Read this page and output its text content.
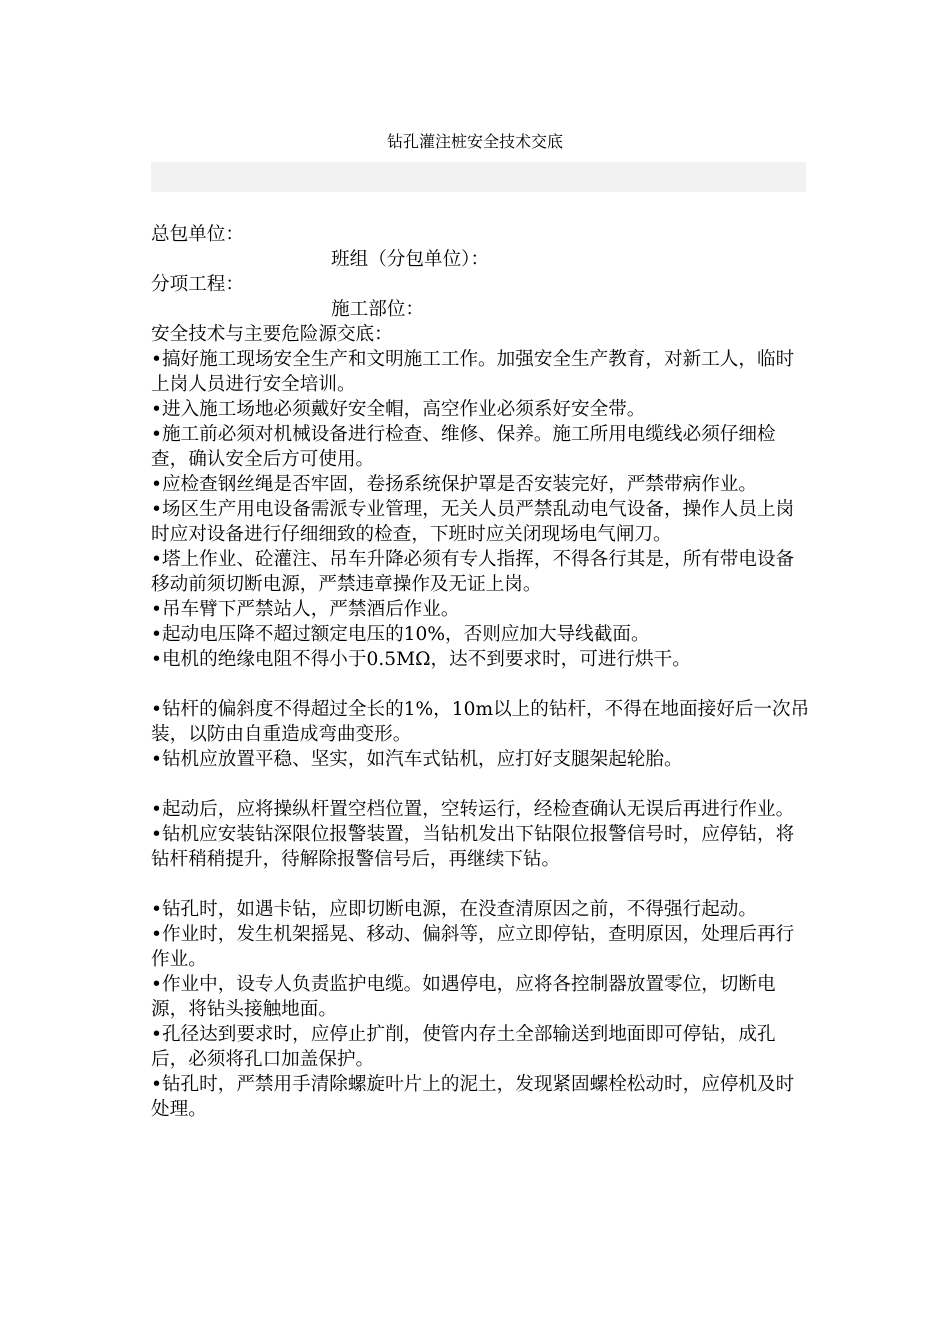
钻孔灌注桩安全技术交底
总包单位：
班组（分包单位）：
分项工程：
施工部位：
安全技术与主要危险源交底：
•搞好施工现场安全生产和文明施工工作。加强安全生产教育，对新工人，临时上岗人员进行安全培训。
•进入施工场地必须戴好安全帽，高空作业必须系好安全带。
•施工前必须对机械设备进行检查、维修、保养。施工所用电缆线必须仔细检查，确认安全后方可使用。
•应检查钢丝绳是否牢固，卷扬系统保护罩是否安装完好，严禁带病作业。
•场区生产用电设备需派专业管理，无关人员严禁乱动电气设备，操作人员上岗时应对设备进行仔细细致的检查，下班时应关闭现场电气闸刀。
•塔上作业、砼灌注、吊车升降必须有专人指挥，不得各行其是，所有带电设备移动前须切断电源，严禁违章操作及无证上岗。
•吊车臂下严禁站人，严禁酒后作业。
•起动电压降不超过额定电压的10%，否则应加大导线截面。
•电机的绝缘电阻不得小于0.5MΩ，达不到要求时，可进行烘干。
•钻杆的偏斜度不得超过全长的1%，10m以上的钻杆，不得在地面接好后一次吊装，以防由自重造成弯曲变形。
•钻机应放置平稳、坚实，如汽车式钻机，应打好支腿架起轮胎。
•起动后，应将操纵杆置空档位置，空转运行，经检查确认无误后再进行作业。
•钻机应安装钻深限位报警装置，当钻机发出下钻限位报警信号时，应停钻，将钻杆稍稍提升，待解除报警信号后，再继续下钻。
•钻孔时，如遇卡钻，应即切断电源，在没查清原因之前，不得强行起动。
•作业时，发生机架摇晃、移动、偏斜等，应立即停钻，查明原因，处理后再行作业。
•作业中，设专人负责监护电缆。如遇停电，应将各控制器放置零位，切断电源，将钻头接触地面。
•孔径达到要求时，应停止扩削，使管内存土全部输送到地面即可停钻，成孔后，必须将孔口加盖保护。
•钻孔时，严禁用手清除螺旋叶片上的泥土，发现紧固螺栓松动时，应停机及时处理。
